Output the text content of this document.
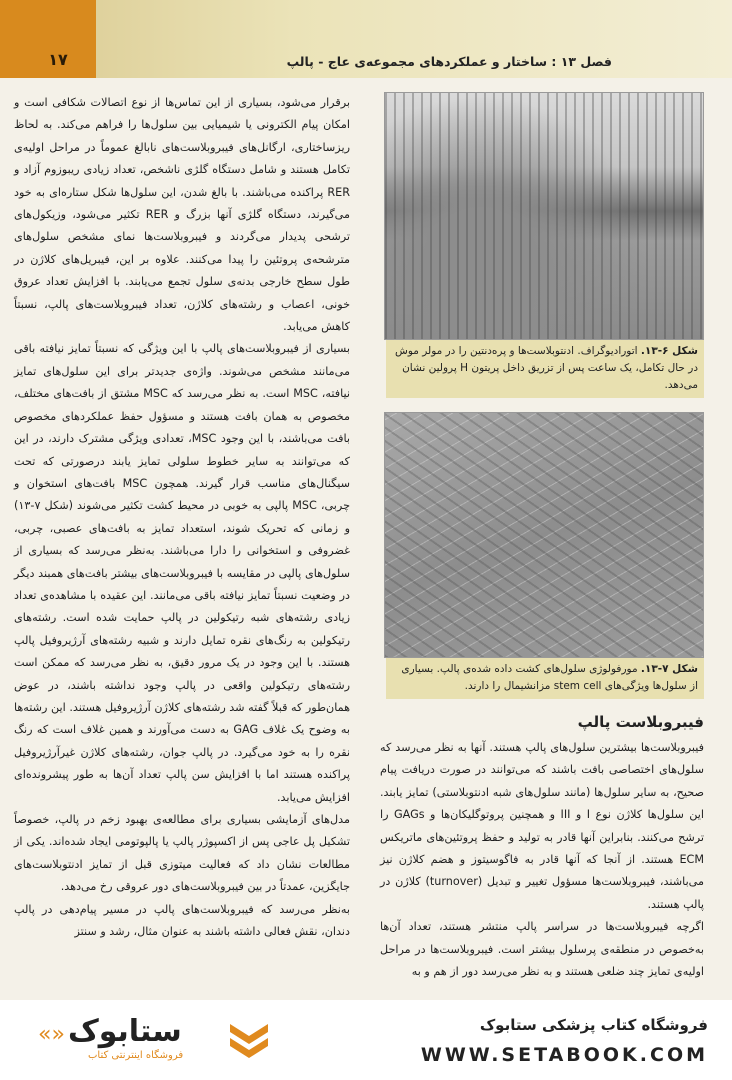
۱۷	فصل ۱۳ : ساختار و عملکردهای مجموعه‌ی عاج - پالپ
شکل ۶-۱۳. اتورادیوگراف. ادنتوبلاست‌ها و پره‌دنتین را در مولر موش در حال تکامل، یک ساعت پس از تزریق داخل پریتون H پرولین نشان می‌دهد.
شکل ۷-۱۳. مورفولوژی سلول‌های کشت داده شده‌ی پالپ. بسیاری از سلول‌ها ویژگی‌های stem cell مزانشیمال را دارند.
فیبروبلاست پالپ

فیبروبلاست‌ها بیشترین سلول‌های پالپ هستند. آنها به نظر می‌رسد که سلول‌های اختصاصی بافت باشند که می‌توانند در صورت دریافت پیام صحیح، به سایر سلول‌ها (مانند سلول‌های شبه ادنتوبلاستی) تمایز یابند. این سلول‌ها کلاژن نوع I و III و همچنین پروتوگلیکان‌ها و GAGs را ترشح می‌کنند. بنابراین آنها قادر به تولید و حفظ پروتئین‌های ماتریکس ECM هستند. از آنجا که آنها قادر به فاگوسیتوز و هضم کلاژن نیز می‌باشند، فیبروبلاست‌ها مسؤول تغییر و تبدیل (turnover) کلاژن در پالپ هستند.

اگرچه فیبروبلاست‌ها در سراسر پالپ منتشر هستند، تعداد آن‌ها به‌خصوص در منطقه‌ی پرسلول بیشتر است. فیبروبلاست‌ها در مراحل اولیه‌ی تمایز چند ضلعی هستند و به نظر می‌رسد دور از هم و به

برقرار می‌شود، بسیاری از این تماس‌ها از نوع اتصالات شکافی است و امکان پیام الکترونی یا شیمیایی بین سلول‌ها را فراهم می‌کند. به لحاظ ریزساختاری، ارگانل‌های فیبروبلاست‌های نابالغ عموماً در مراحل اولیه‌ی تکامل هستند و شامل دستگاه گلژی ناشخص، تعداد زیادی ریبوزوم آزاد و RER پراکنده می‌باشند. با بالغ شدن، این سلول‌ها شکل ستاره‌ای به خود می‌گیرند، دستگاه گلژی آنها بزرگ و RER تکثیر می‌شود، وزیکول‌های ترشحی پدیدار می‌گردند و فیبروبلاست‌ها نمای مشخص سلول‌های مترشحه‌ی پروتئین را پیدا می‌کنند. علاوه بر این، فیبریل‌های کلاژن در طول سطح خارجی بدنه‌ی سلول تجمع می‌یابند. با افزایش تعداد عروق خونی، اعصاب و رشته‌های کلاژن، تعداد فیبروبلاست‌های پالپ، نسبتاً کاهش می‌یابد.

بسیاری از فیبروبلاست‌های پالپ با این ویژگی که نسبتاً تمایز نیافته باقی می‌مانند مشخص می‌شوند. واژه‌ی جدیدتر برای این سلول‌های تمایز نیافته، MSC است. به نظر می‌رسد که MSC مشتق از بافت‌های مختلف، مخصوص به همان بافت هستند و مسؤول حفظ عملکردهای مخصوص بافت می‌باشند، با این وجود MSC، تعدادی ویژگی مشترک دارند، در این که می‌توانند به سایر خطوط سلولی تمایز یابند درصورتی که تحت سیگنال‌های مناسب قرار گیرند. همچون MSC بافت‌های استخوان و چربی، MSC پالپی به خوبی در محیط کشت تکثیر می‌شوند (شکل ۷-۱۳) و زمانی که تحریک شوند، استعداد تمایز به بافت‌های عصبی، چربی، غضروفی و استخوانی را دارا می‌باشند. به‌نظر می‌رسد که بسیاری از سلول‌های پالپی در مقایسه با فیبروبلاست‌های بیشتر بافت‌های همبند دیگر در وضعیت نسبتاً تمایز نیافته باقی می‌مانند. این عقیده با مشاهده‌ی تعداد زیادی رشته‌های شبه رتیکولین در پالپ حمایت شده است. رشته‌های رتیکولین به رنگ‌های نقره تمایل دارند و شبیه رشته‌های آرژیروفیل پالپ هستند. با این وجود در یک مرور دقیق، به نظر می‌رسد که ممکن است رشته‌های رتیکولین واقعی در پالپ وجود نداشته باشند، در عوض همان‌طور که قبلاً گفته شد رشته‌های کلاژن آرژیروفیل هستند. این رشته‌ها به وضوح یک غلاف GAG به دست می‌آورند و همین غلاف است که رنگ نقره را به خود می‌گیرد. در پالپ جوان، رشته‌های کلاژن غیرآرژیروفیل پراکنده هستند اما با افزایش سن پالپ تعداد آن‌ها به طور پیشرونده‌ای افزایش می‌یابد.

مدل‌های آزمایشی بسیاری برای مطالعه‌ی بهبود زخم در پالپ، خصوصاً تشکیل پل عاجی پس از اکسپوژر پالپ یا پالپوتومی ایجاد شده‌اند. یکی از مطالعات نشان داد که فعالیت میتوزی قبل از تمایز ادنتوبلاست‌های جایگزین، عمدتاً در بین فیبروبلاست‌های دور عروقی رخ می‌دهد.

به‌نظر می‌رسد که فیبروبلاست‌های پالپ در مسیر پیام‌دهی در پالپ دندان، نقش فعالی داشته باشند به عنوان مثال، رشد و سنتز

فروشگاه کتاب پزشکی ستابوک
WWW.SETABOOK.COM
«» ستابوک
فروشگاه اینترنتی کتاب
